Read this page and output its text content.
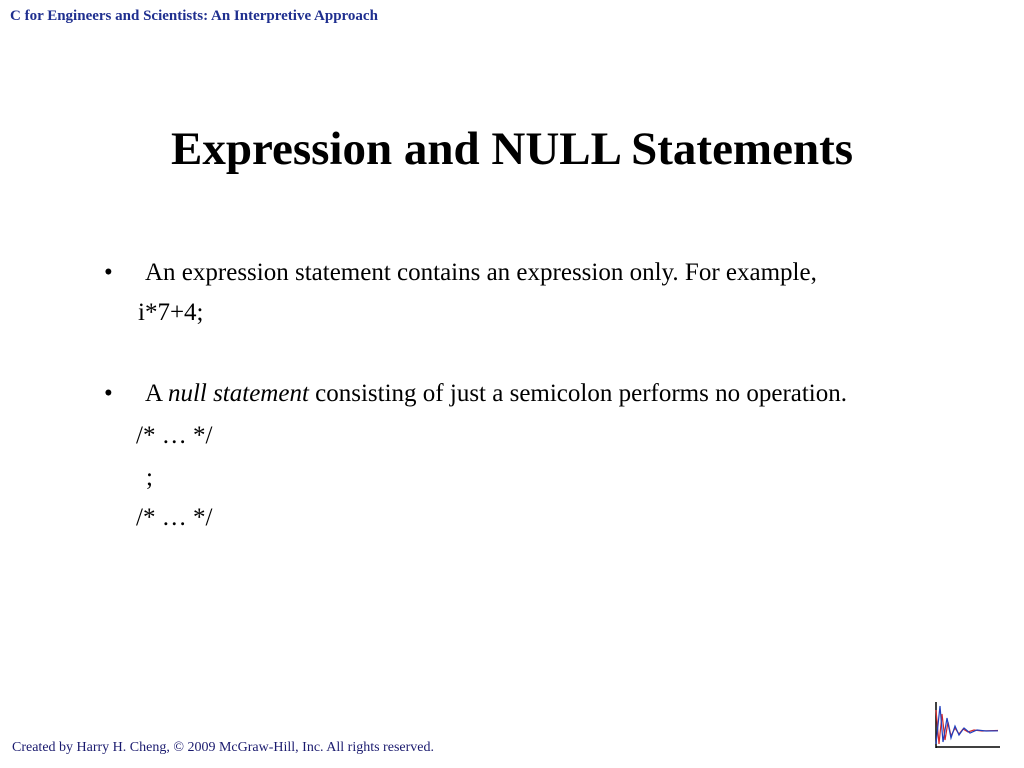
C for Engineers and Scientists: An Interpretive Approach
Expression and NULL Statements
• An expression statement contains an expression only. For example,
i*7+4;
• A null statement consisting of just a semicolon performs no operation.
/* … */
;
/* … */
Created by Harry H. Cheng, © 2009 McGraw-Hill, Inc. All rights reserved.
